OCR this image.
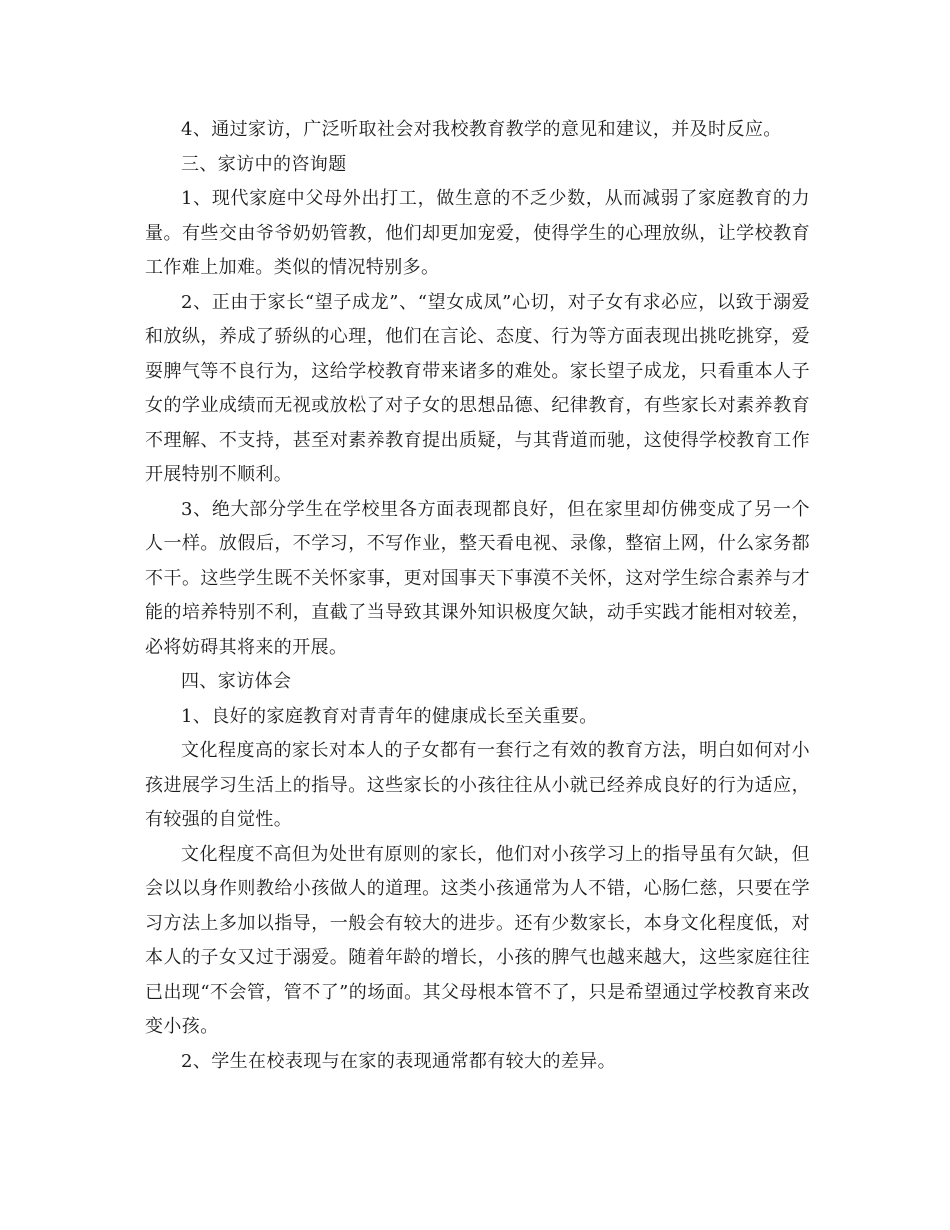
4、通过家访，广泛听取社会对我校教育教学的意见和建议，并及时反应。

三、家访中的咨询题

1、现代家庭中父母外出打工，做生意的不乏少数，从而减弱了家庭教育的力量。有些交由爷爷奶奶管教，他们却更加宠爱，使得学生的心理放纵，让学校教育工作难上加难。类似的情况特别多。

2、正由于家长“望子成龙”、“望女成凤”心切，对子女有求必应，以致于溺爱和放纵，养成了骄纵的心理，他们在言论、态度、行为等方面表现出挑吃挑穿，爱耍脾气等不良行为，这给学校教育带来诸多的难处。家长望子成龙，只看重本人子女的学业成绩而无视或放松了对子女的思想品德、纪律教育，有些家长对素养教育不理解、不支持，甚至对素养教育提出质疑，与其背道而驰，这使得学校教育工作开展特别不顺利。

3、绝大部分学生在学校里各方面表现都良好，但在家里却仿佛变成了另一个人一样。放假后，不学习，不写作业，整天看电视、录像，整宿上网，什么家务都不干。这些学生既不关怀家事，更对国事天下事漠不关怀，这对学生综合素养与才能的培养特别不利，直截了当导致其课外知识极度欠缺，动手实践才能相对较差，必将妨碍其将来的开展。

四、家访体会

1、良好的家庭教育对青青年的健康成长至关重要。

文化程度高的家长对本人的子女都有一套行之有效的教育方法，明白如何对小孩进展学习生活上的指导。这些家长的小孩往往从小就已经养成良好的行为适应，有较强的自觉性。

文化程度不高但为处世有原则的家长，他们对小孩学习上的指导虽有欠缺，但会以以身作则教给小孩做人的道理。这类小孩通常为人不错，心肠仁慈，只要在学习方法上多加以指导，一般会有较大的进步。还有少数家长，本身文化程度低，对本人的子女又过于溺爱。随着年龄的增长，小孩的脾气也越来越大，这些家庭往往已出现“不会管，管不了”的场面。其父母根本管不了，只是希望通过学校教育来改变小孩。

2、学生在校表现与在家的表现通常都有较大的差异。
